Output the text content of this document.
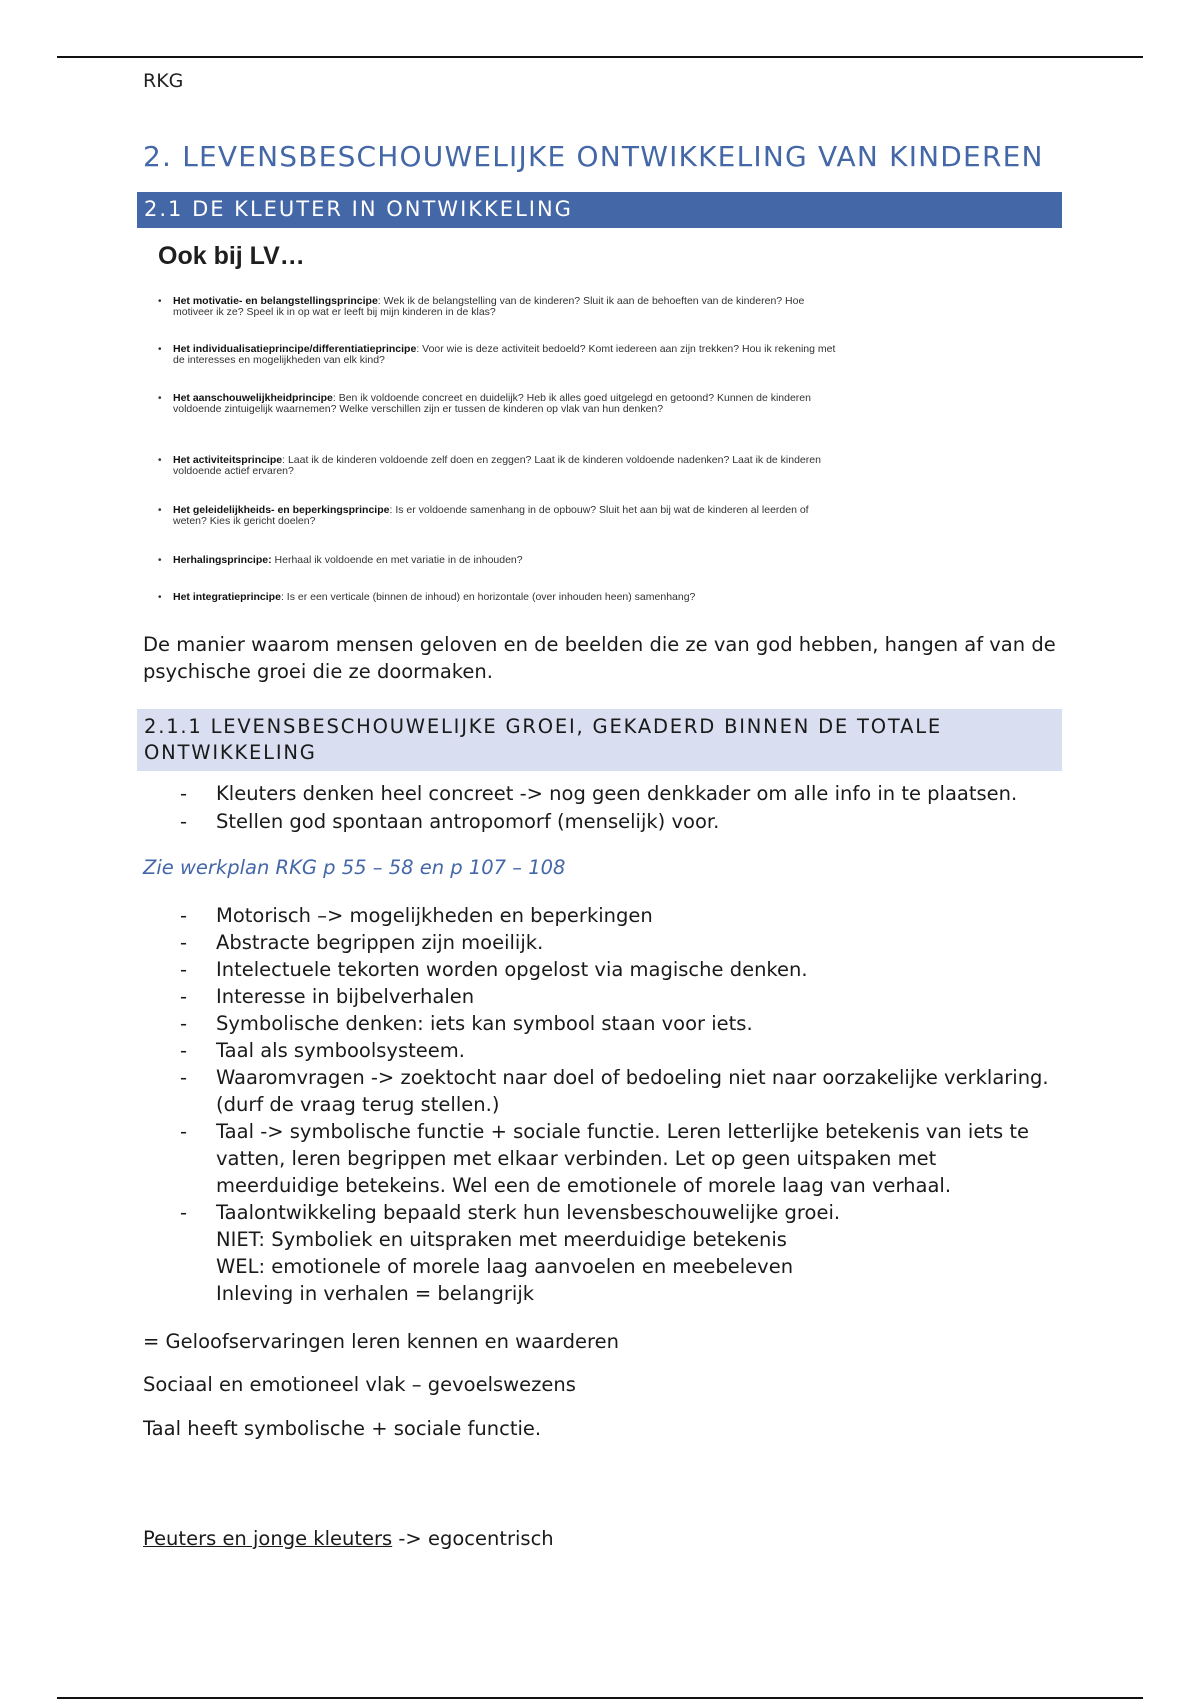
RKG
2. LEVENSBESCHOUWELIJKE ONTWIKKELING VAN KINDEREN
2.1 DE KLEUTER IN ONTWIKKELING
Ook bij LV…
• Het motivatie- en belangstellingsprincipe: Wek ik de belangstelling van de kinderen? Sluit ik aan de behoeften van de kinderen? Hoe motiveer ik ze? Speel ik in op wat er leeft bij mijn kinderen in de klas?
• Het individualisatieprincipe/differentiatieprincipe: Voor wie is deze activiteit bedoeld? Komt iedereen aan zijn trekken? Hou ik rekening met de interesses en mogelijkheden van elk kind?
• Het aanschouwelijkheidprincipe: Ben ik voldoende concreet en duidelijk? Heb ik alles goed uitgelegd en getoond? Kunnen de kinderen voldoende zintuigelijk waarnemen? Welke verschillen zijn er tussen de kinderen op vlak van hun denken?
• Het activiteitsprincipe: Laat ik de kinderen voldoende zelf doen en zeggen? Laat ik de kinderen voldoende nadenken? Laat ik de kinderen voldoende actief ervaren?
• Het geleidelijkheids- en beperkingsprincipe: Is er voldoende samenhang in de opbouw? Sluit het aan bij wat de kinderen al leerden of weten? Kies ik gericht doelen?
• Herhalingsprincipe: Herhaal ik voldoende en met variatie in de inhouden?
• Het integratieprincipe: Is er een verticale (binnen de inhoud) en horizontale (over inhouden heen) samenhang?
De manier waarom mensen geloven en de beelden die ze van god hebben, hangen af van de psychische groei die ze doormaken.
2.1.1 LEVENSBESCHOUWELIJKE GROEI, GEKADERD BINNEN DE TOTALE ONTWIKKELING
- Kleuters denken heel concreet -> nog geen denkkader om alle info in te plaatsen.
- Stellen god spontaan antropomorf (menselijk) voor.
Zie werkplan RKG p 55 – 58 en p 107 – 108
- Motorisch –> mogelijkheden en beperkingen
- Abstracte begrippen zijn moeilijk.
- Intelectuele tekorten worden opgelost via magische denken.
- Interesse in bijbelverhalen
- Symbolische denken: iets kan symbool staan voor iets.
- Taal als symboolsysteem.
- Waaromvragen -> zoektocht naar doel of bedoeling niet naar oorzakelijke verklaring. (durf de vraag terug stellen.)
- Taal -> symbolische functie + sociale functie. Leren letterlijke betekenis van iets te vatten, leren begrippen met elkaar verbinden. Let op geen uitspaken met meerduidige betekeins. Wel een de emotionele of morele laag van verhaal.
- Taalontwikkeling bepaald sterk hun levensbeschouwelijke groei.
NIET: Symboliek en uitspraken met meerduidige betekenis
WEL: emotionele of morele laag aanvoelen en meebeleven
Inleving in verhalen = belangrijk
= Geloofservaringen leren kennen en waarderen
Sociaal en emotioneel vlak – gevoelswezens
Taal heeft symbolische + sociale functie.
Peuters en jonge kleuters -> egocentrisch
